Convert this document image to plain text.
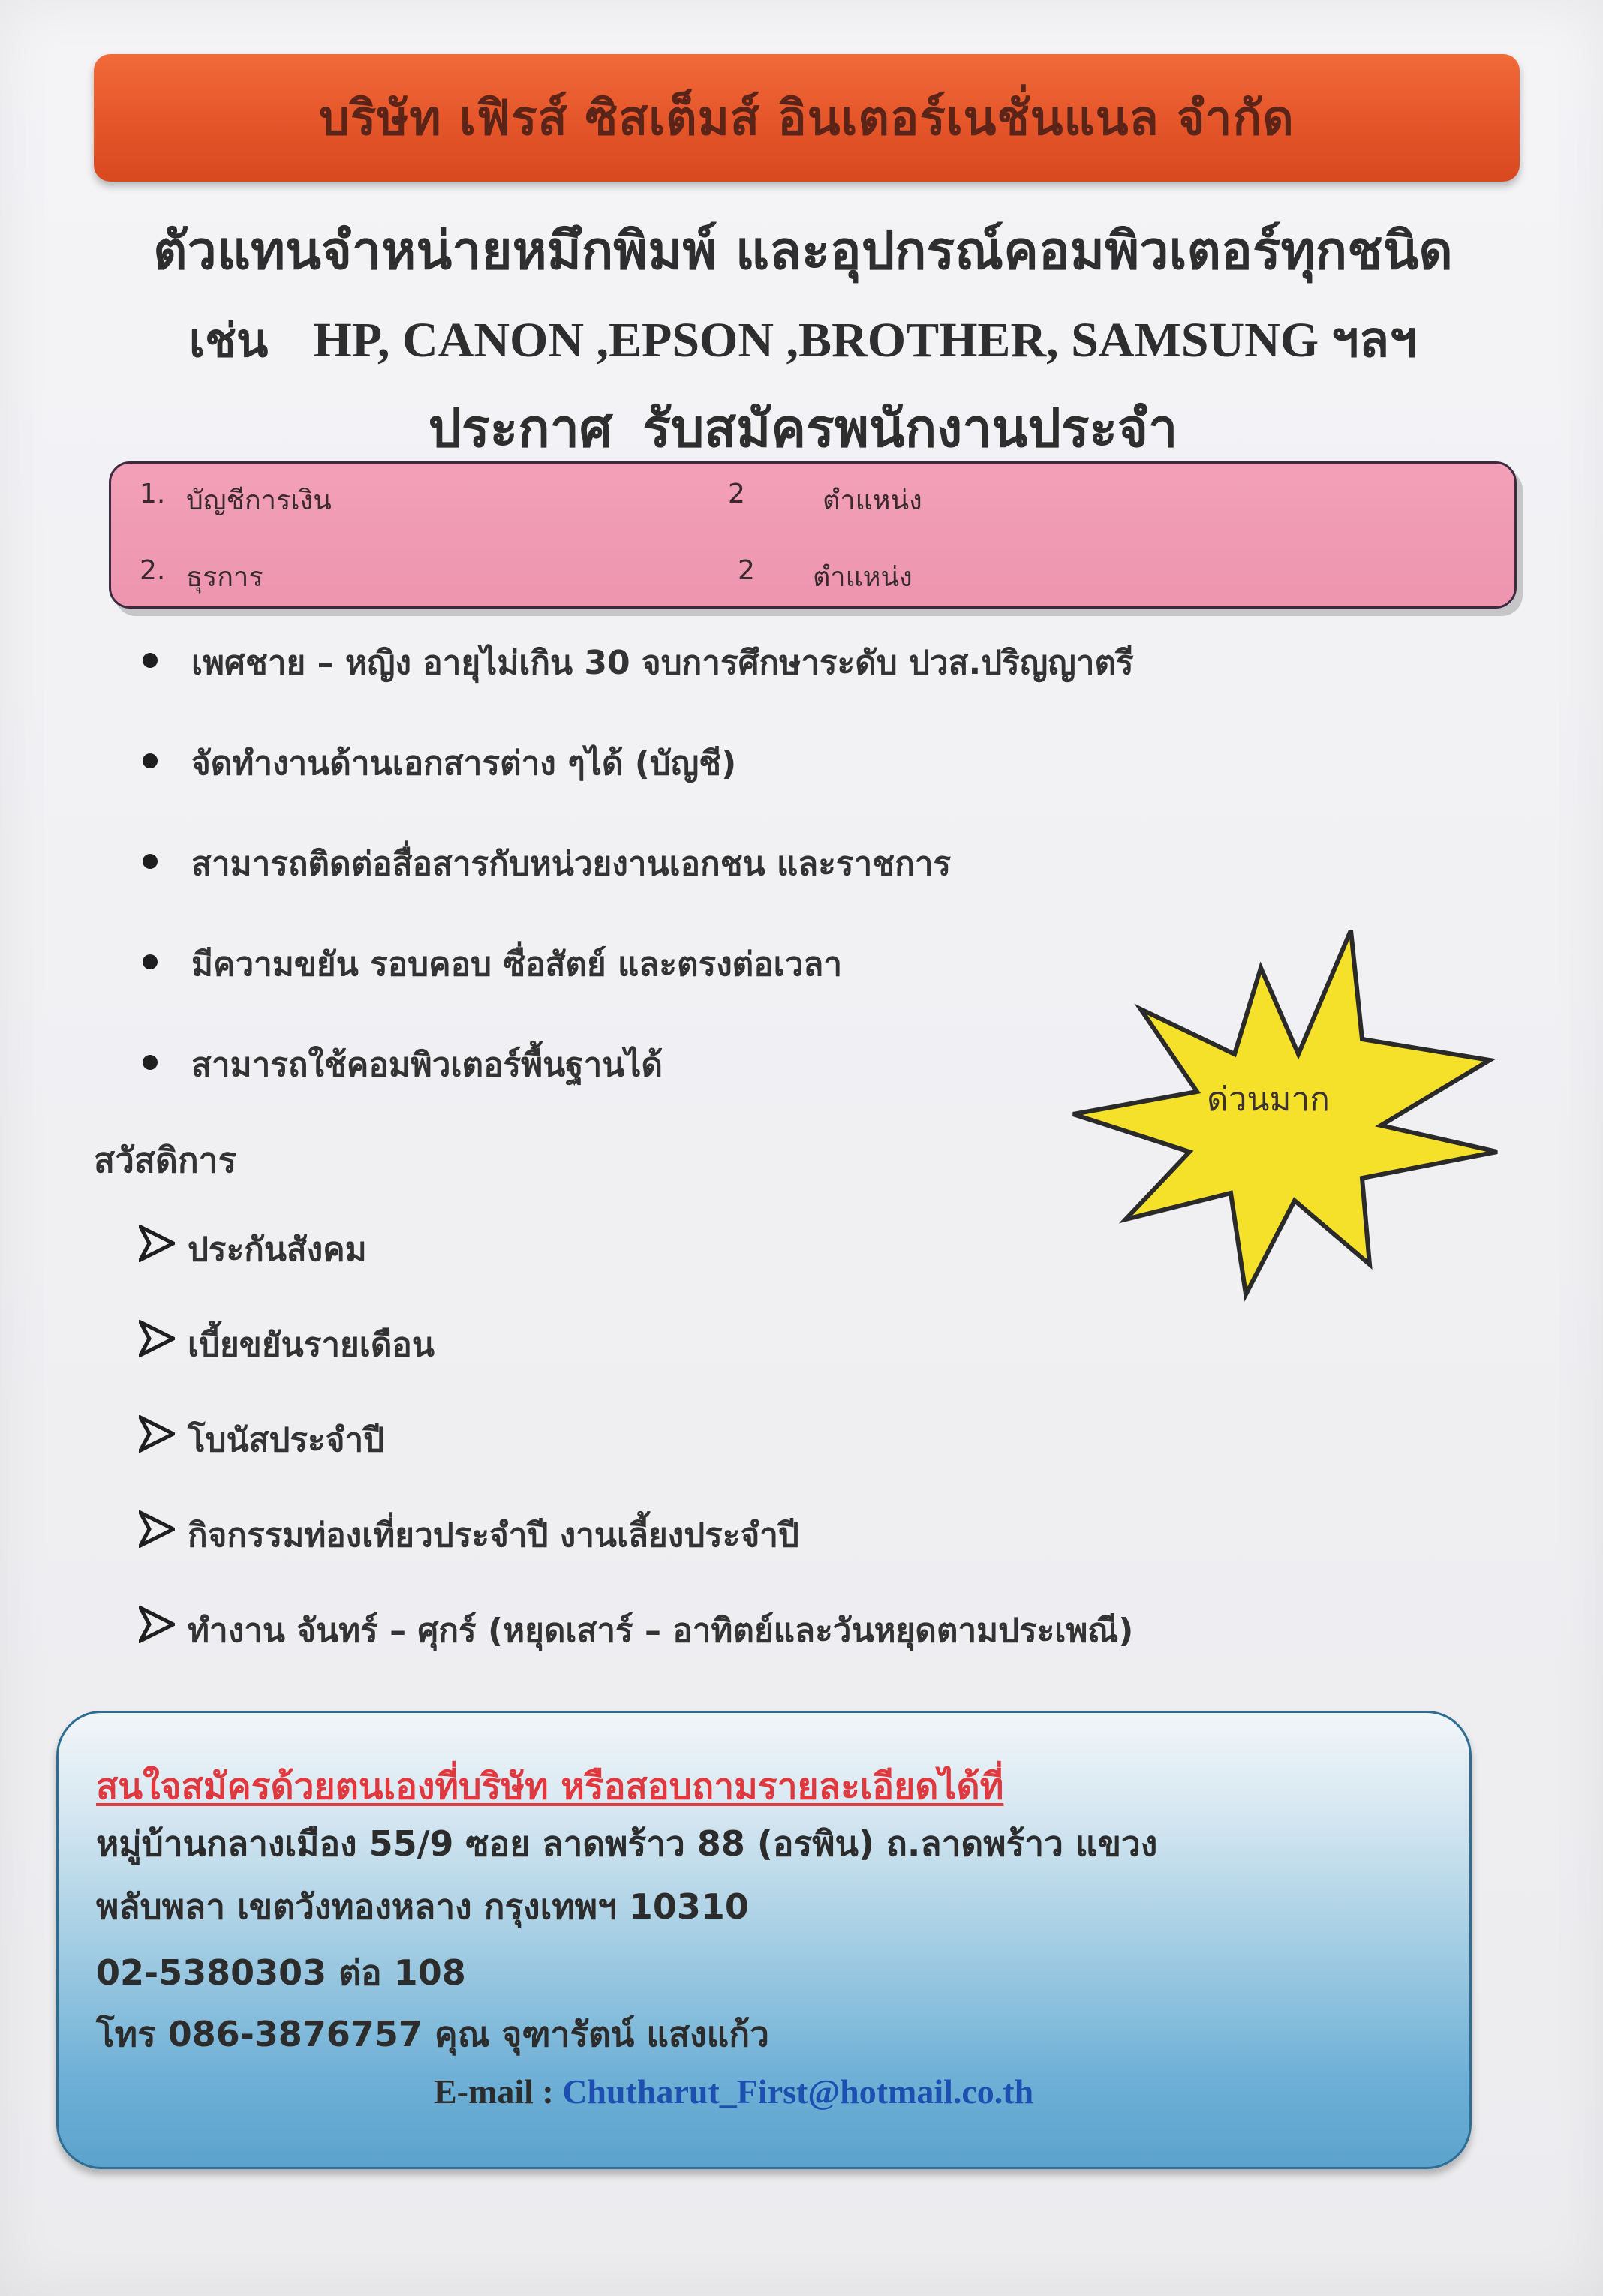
บริษัท เฟิรส์ ซิสเต็มส์ อินเตอร์เนชั่นแนล จำกัด
ตัวแทนจำหน่ายหมึกพิมพ์ และอุปกรณ์คอมพิวเตอร์ทุกชนิด
เช่น HP, CANON ,EPSON ,BROTHER, SAMSUNG ฯลฯ
ประกาศ รับสมัครพนักงานประจำ
1. บัญชีการเงิน	2	ตำแหน่ง
2. ธุรการ	2 ตำแหน่ง
เพศชาย – หญิง อายุไม่เกิน 30 จบการศึกษาระดับ ปวส.ปริญญาตรี
จัดทำงานด้านเอกสารต่าง ๆได้ (บัญชี)
สามารถติดต่อสื่อสารกับหน่วยงานเอกชน และราชการ
มีความขยัน รอบคอบ ซื่อสัตย์ และตรงต่อเวลา
สามารถใช้คอมพิวเตอร์พื้นฐานได้
ด่วนมาก
สวัสดิการ
ประกันสังคม
เบี้ยขยันรายเดือน
โบนัสประจำปี
กิจกรรมท่องเที่ยวประจำปี งานเลี้ยงประจำปี
ทำงาน จันทร์ – ศุกร์ (หยุดเสาร์ – อาทิตย์และวันหยุดตามประเพณี)
สนใจสมัครด้วยตนเองที่บริษัท หรือสอบถามรายละเอียดได้ที่
หมู่บ้านกลางเมือง 55/9 ซอย ลาดพร้าว 88 (อรพิน) ถ.ลาดพร้าว แขวง
พลับพลา เขตวังทองหลาง กรุงเทพฯ 10310
02-5380303 ต่อ 108
โทร 086-3876757 คุณ จุฑารัตน์ แสงแก้ว
E-mail : Chutharut_First@hotmail.co.th
